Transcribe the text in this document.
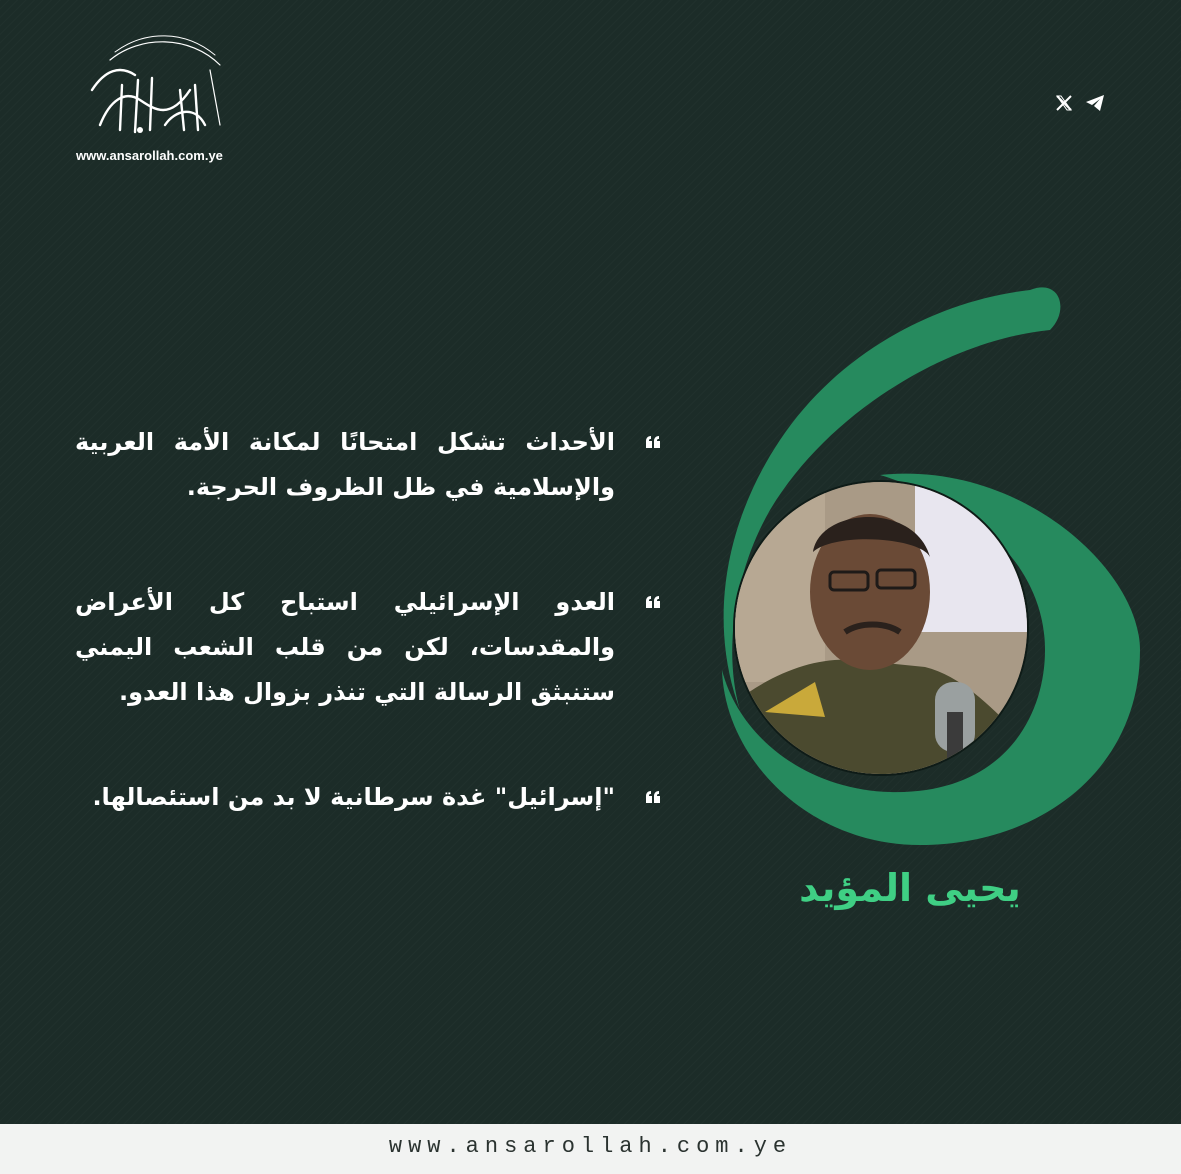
www.ansarollah.com.ye
يحيى المؤيد
الأحداث تشكل امتحانًا لمكانة الأمة العربية والإسلامية في ظل الظروف الحرجة.
العدو الإسرائيلي استباح كل الأعراض والمقدسات، لكن من قلب الشعب اليمني ستنبثق الرسالة التي تنذر بزوال هذا العدو.
"إسرائيل" غدة سرطانية لا بد من استئصالها.
www.ansarollah.com.ye
